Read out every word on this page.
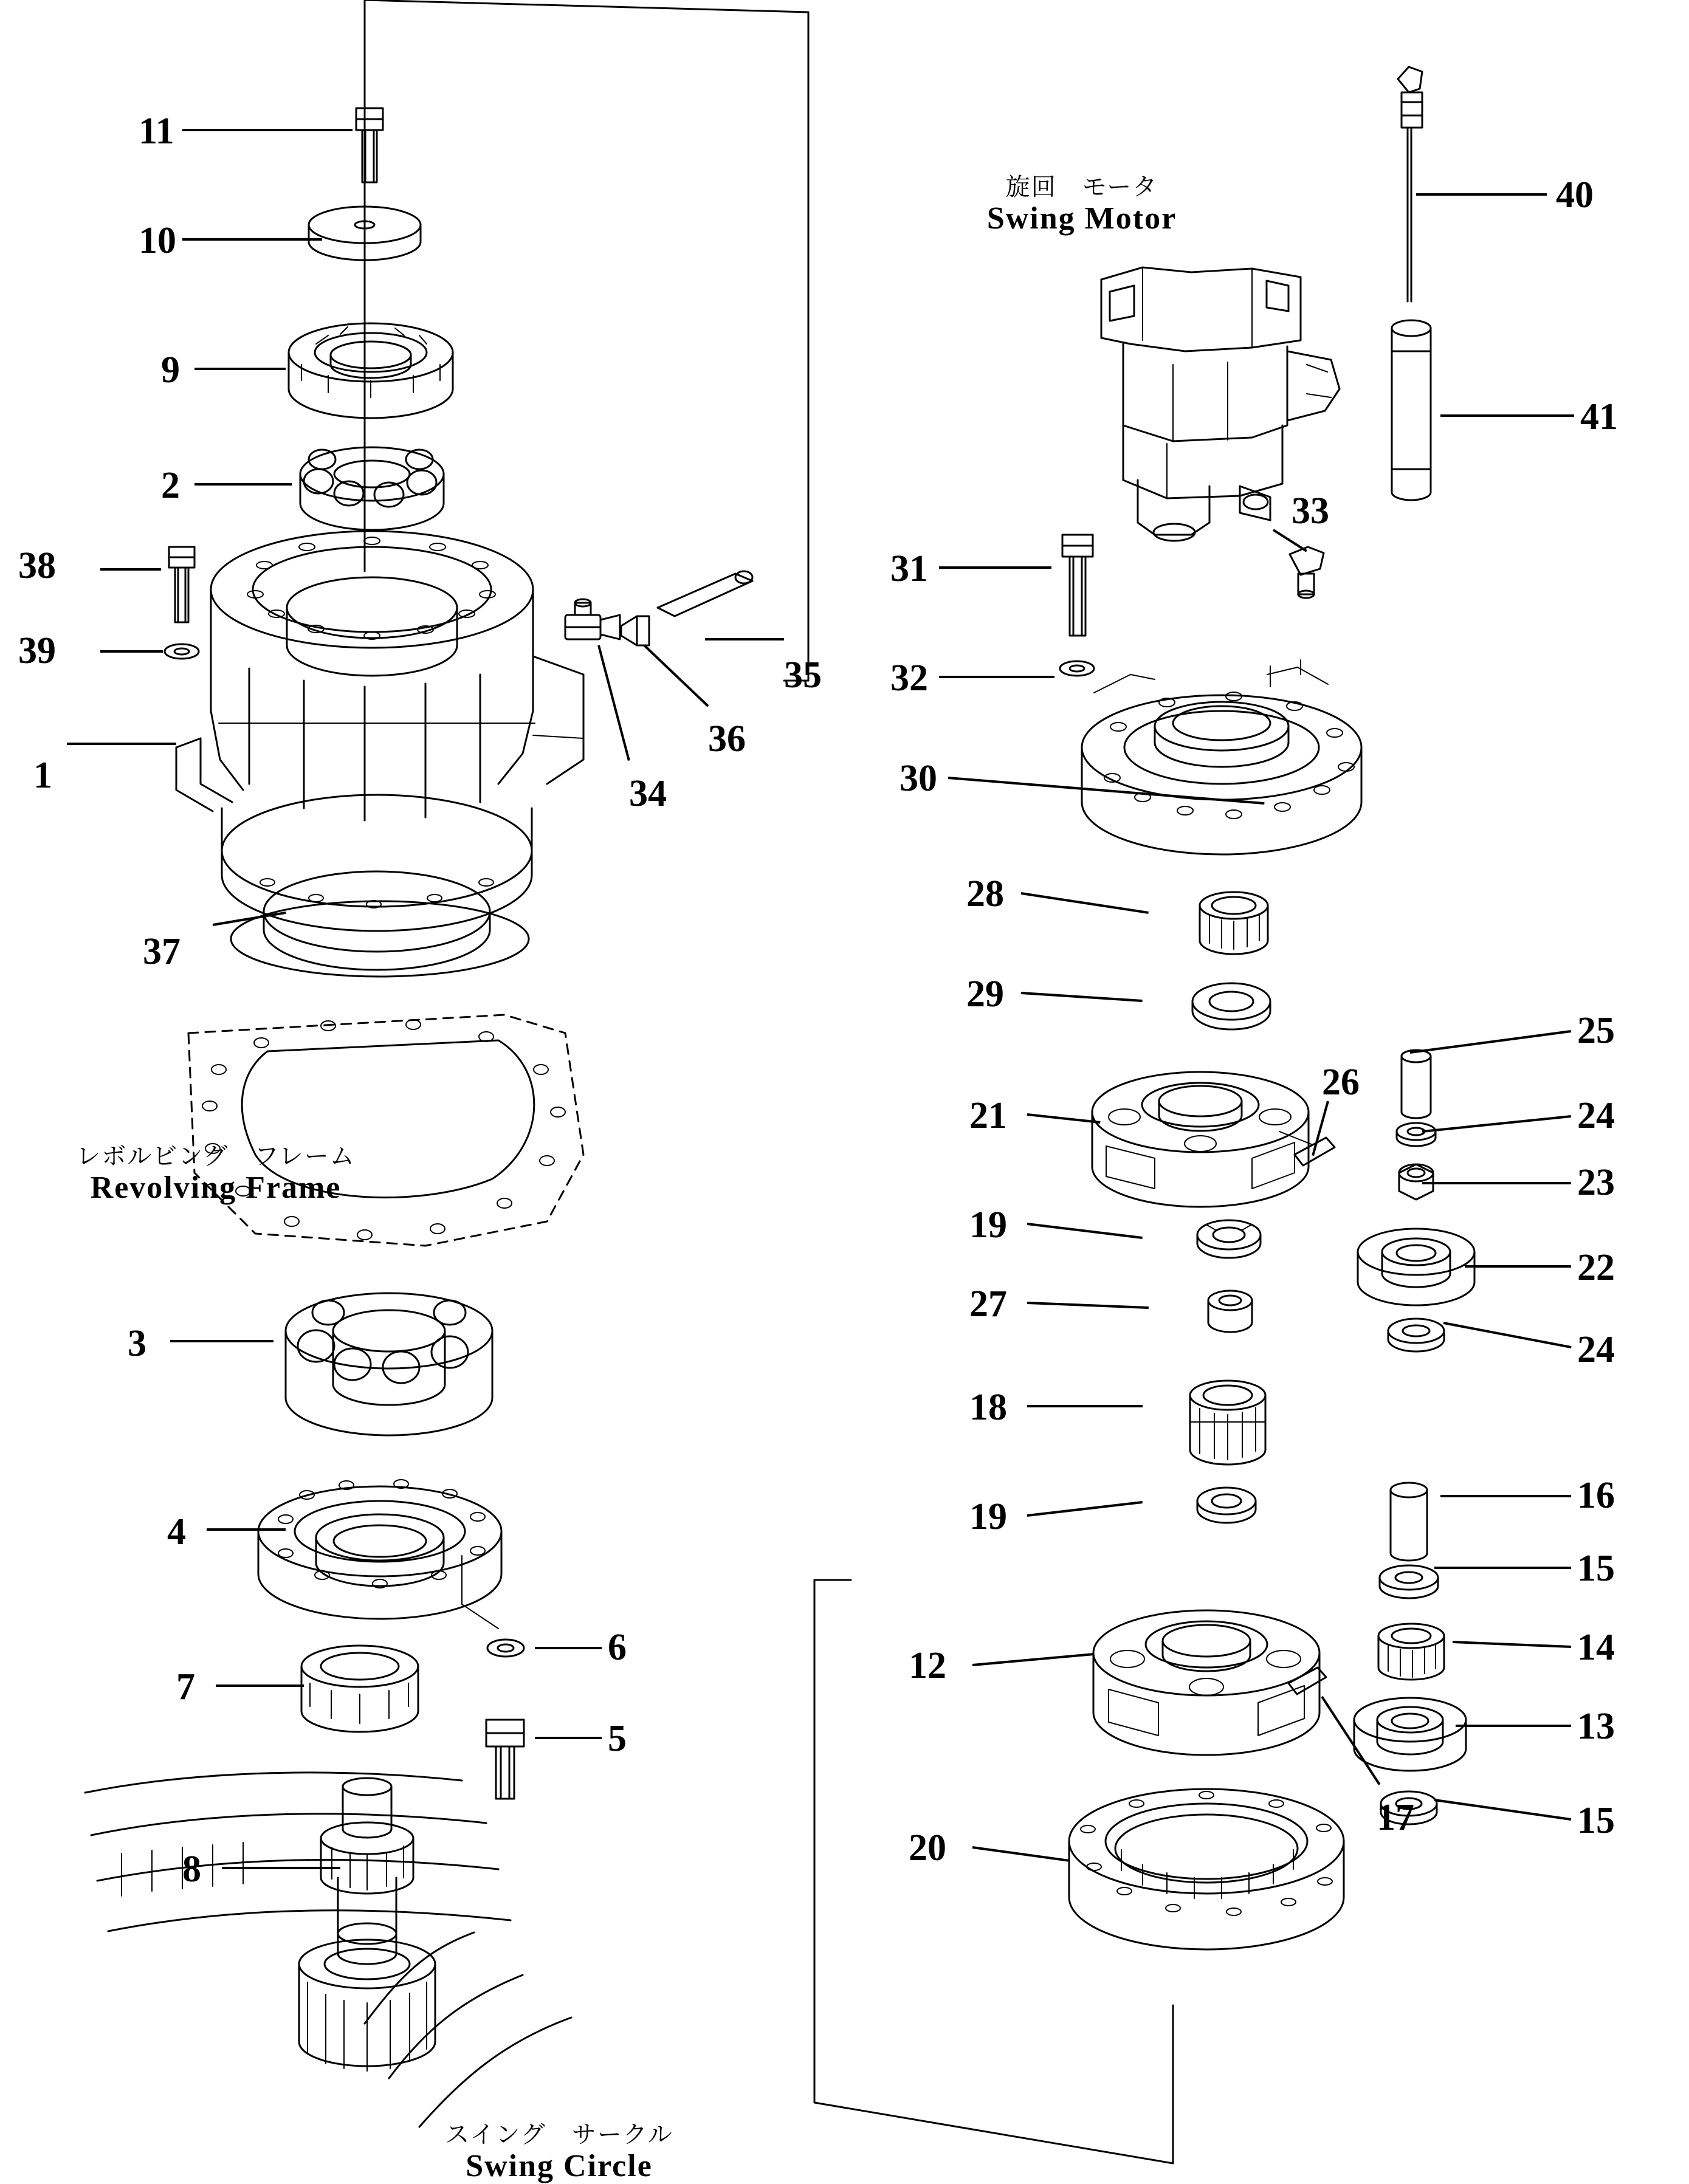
11
10
9
2
38
39
1
35
36
34
37
3
4
6
7
5
8
40
41
33
31
32
30
28
29
25
26
21	24
23
19
22
27
24
18
19
16
15
14
12
13
15
17
20
旋回　モータ
Swing Motor
レボルビング　フレーム
Revolving Frame
スイング　サークル
Swing Circle
